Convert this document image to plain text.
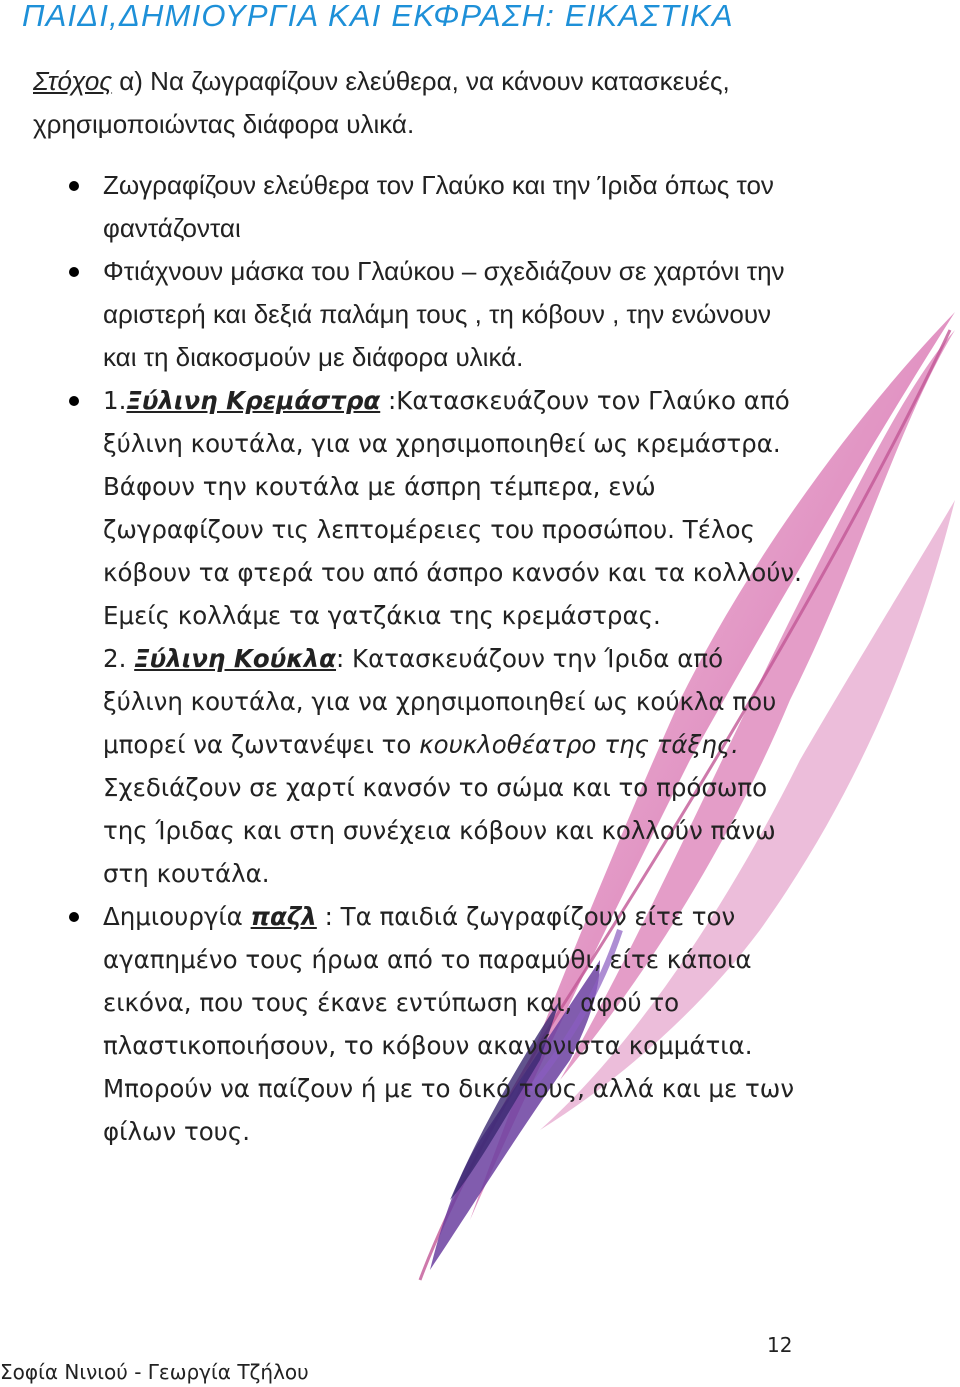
ΠΑΙΔΙ,ΔΗΜΙΟΥΡΓΙΑ ΚΑΙ ΕΚΦΡΑΣΗ: ΕΙΚΑΣΤΙΚΑ
Στόχος α) Να ζωγραφίζουν ελεύθερα, να κάνουν κατασκευές, χρησιμοποιώντας διάφορα υλικά.
Ζωγραφίζουν ελεύθερα τον Γλαύκο και την Ίριδα όπως τον φαντάζονται
Φτιάχνουν μάσκα του Γλαύκου – σχεδιάζουν σε χαρτόνι την αριστερή και δεξιά παλάμη τους , τη κόβουν , την ενώνουν και τη διακοσμούν με διάφορα υλικά.
1.Ξύλινη Κρεμάστρα :Κατασκευάζουν τον Γλαύκο από ξύλινη κουτάλα, για να χρησιμοποιηθεί ως κρεμάστρα. Βάφουν την κουτάλα με άσπρη τέμπερα, ενώ ζωγραφίζουν τις λεπτομέρειες του προσώπου. Τέλος κόβουν τα φτερά του από άσπρο κανσόν και τα κολλούν. Εμείς κολλάμε τα γατζάκια της κρεμάστρας.
2. Ξύλινη Κούκλα: Κατασκευάζουν την Ίριδα από ξύλινη κουτάλα, για να χρησιμοποιηθεί ως κούκλα που μπορεί να ζωντανέψει το κουκλοθέατρο της τάξης. Σχεδιάζουν σε χαρτί κανσόν το σώμα και το πρόσωπο της Ίριδας και στη συνέχεια κόβουν και κολλούν πάνω στη κουτάλα.
Δημιουργία παζλ : Τα παιδιά ζωγραφίζουν είτε τον αγαπημένο τους ήρωα από το παραμύθι, είτε κάποια εικόνα, που τους έκανε εντύπωση και, αφού το πλαστικοποιήσουν, το κόβουν ακανόνιστα κομμάτια. Μπορούν να παίζουν ή με το δικό τους, αλλά και με των φίλων τους.
12
Σοφία Νινιού - Γεωργία Τζήλου
